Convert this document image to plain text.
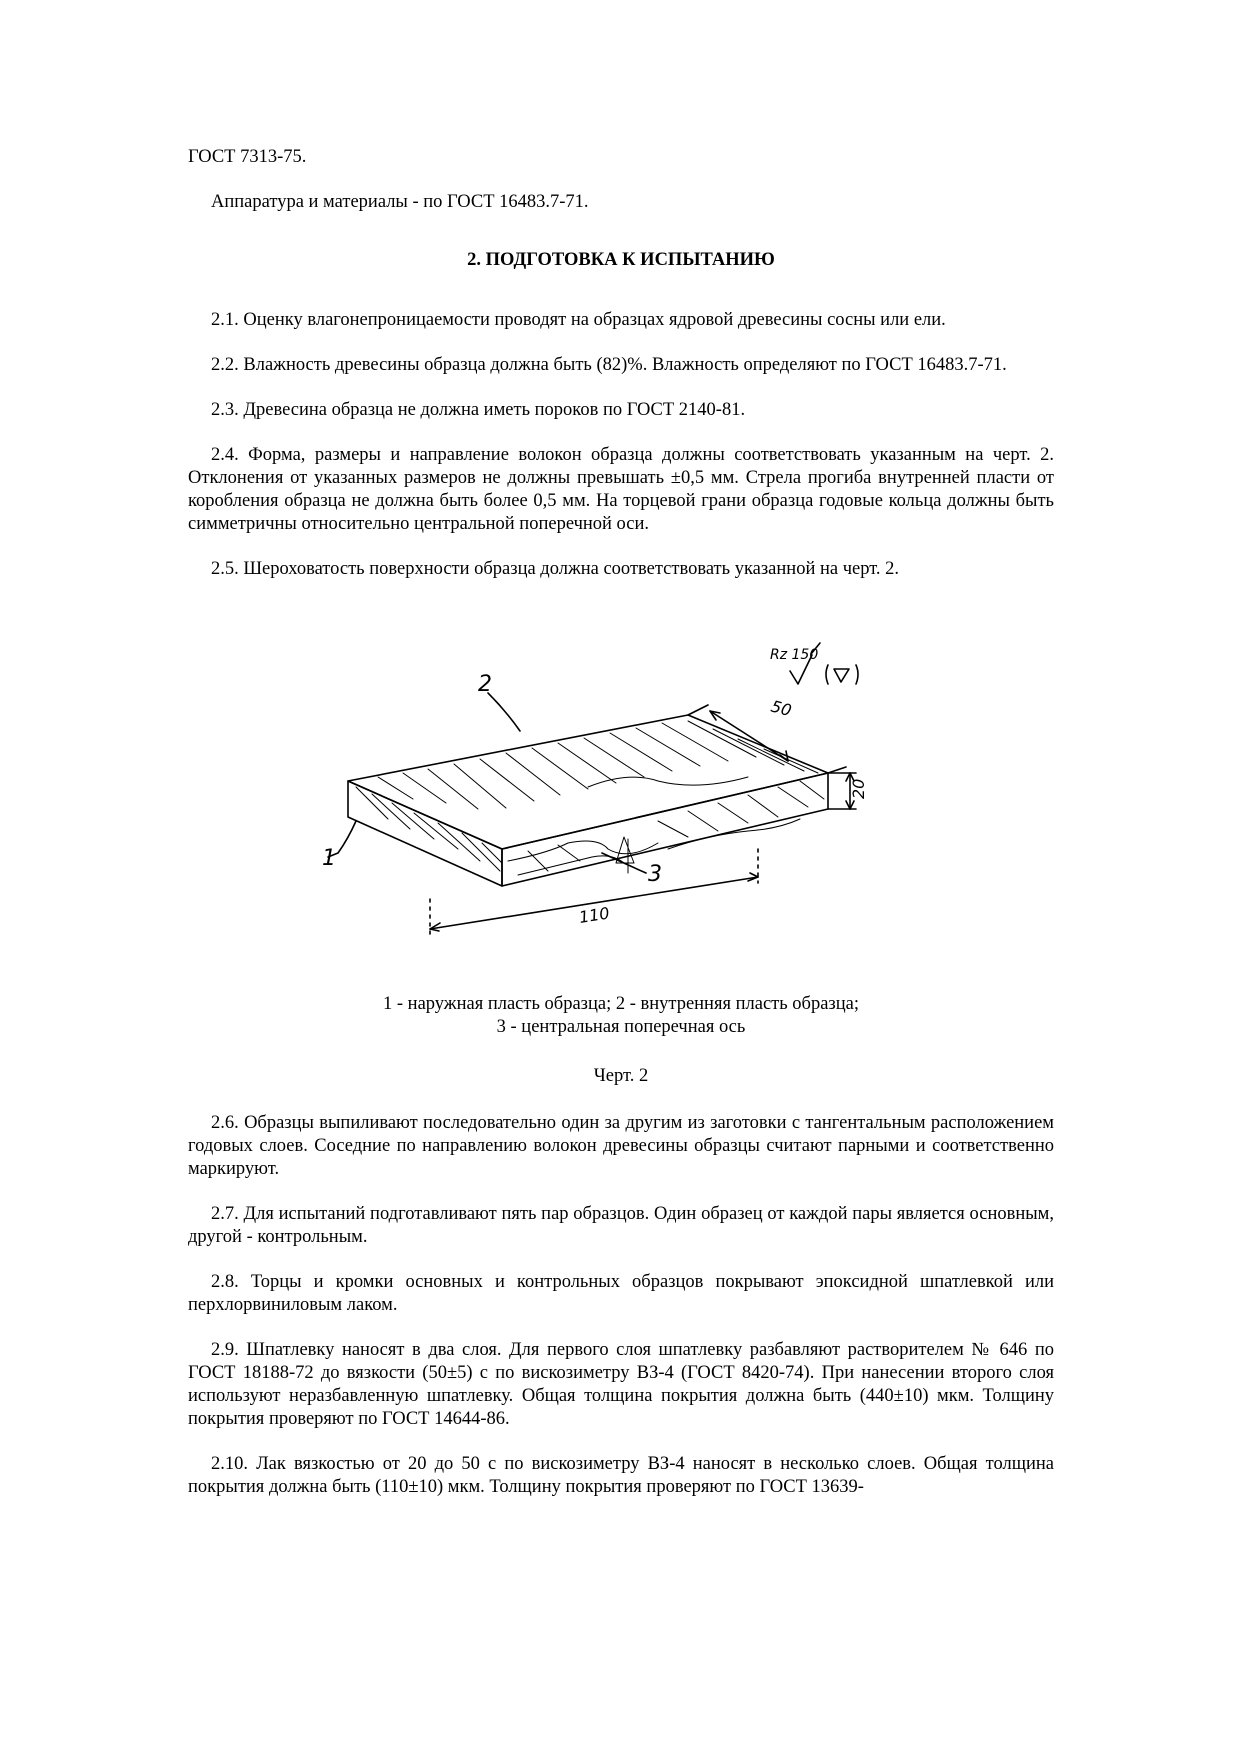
ГОСТ 7313-75.

Аппаратура и материалы - по ГОСТ 16483.7-71.

2. ПОДГОТОВКА К ИСПЫТАНИЮ

2.1. Оценку влагонепроницаемости проводят на образцах ядровой древесины сосны или ели.

2.2. Влажность древесины образца должна быть (82)%. Влажность определяют по ГОСТ 16483.7-71.

2.3. Древесина образца не должна иметь пороков по ГОСТ 2140-81.

2.4. Форма, размеры и направление волокон образца должны соответствовать указанным на черт. 2. Отклонения от указанных размеров не должны превышать ±0,5 мм. Стрела прогиба внутренней пласти от коробления образца не должна быть более 0,5 мм. На торцевой грани образца годовые кольца должны быть симметричны относительно центральной поперечной оси.

2.5. Шероховатость поверхности образца должна соответствовать указанной на черт. 2.

Rz 150
1
2
3
110
50
20

1 - наружная пласть образца; 2 - внутренняя пласть образца;

3 - центральная поперечная ось

Черт. 2

2.6. Образцы выпиливают последовательно один за другим из заготовки с тангентальным расположением годовых слоев. Соседние по направлению волокон древесины образцы считают парными и соответственно маркируют.

2.7. Для испытаний подготавливают пять пар образцов. Один образец от каждой пары является основным, другой - контрольным.

2.8. Торцы и кромки основных и контрольных образцов покрывают эпоксидной шпатлевкой или перхлорвиниловым лаком.

2.9. Шпатлевку наносят в два слоя. Для первого слоя шпатлевку разбавляют растворителем № 646 по ГОСТ 18188-72 до вязкости (50±5) с по вискозиметру ВЗ-4 (ГОСТ 8420-74). При нанесении второго слоя используют неразбавленную шпатлевку. Общая толщина покрытия должна быть (440±10) мкм. Толщину покрытия проверяют по ГОСТ 14644-86.

2.10. Лак вязкостью от 20 до 50 с по вискозиметру ВЗ-4 наносят в несколько слоев. Общая толщина покрытия должна быть (110±10) мкм. Толщину покрытия проверяют по ГОСТ 13639-
